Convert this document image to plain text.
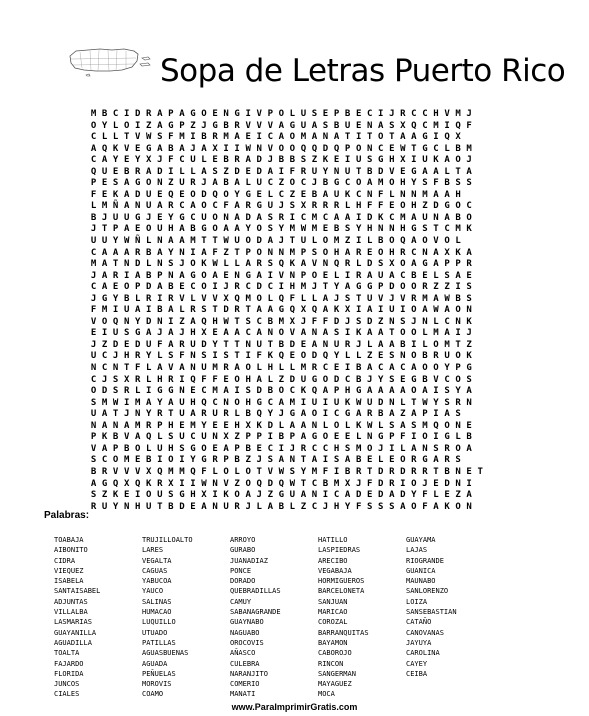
Sopa de Letras Puerto Rico
M B C I D R A P A G O E N G I V P O L U S E P B E C I J R C C H V M J
O Y L O I Z A G P Z J G B R V V V A G U A S B U E N A S X Q C M I Q F
C L L T V W S F M I B R M A E I C A O M A N A T I T O T A A G I Q X
A Q K V E G A B A J A X I I W N V O O Q Q D Q P O N C E W T G C L B M
C A Y E Y X J F C U L E B R A D J B B S Z K E I U S G H X I U K A O J
Q U E B R A D I L L A S Z D E D A I F R U Y N U T B D V E G A A L T A
P E S A G O N Z U R J A B A L U C Z O C J B G C O A M O H Y S F B S S
F E K A D U E Q E O D Q O Y G E L C Z E B A U K C N F L N N M A A H
L M Ñ A N U A R C A O C F A R G U J S X R R R L H F F E O H Z D G O C
B J U U G J E Y G C U O N A D A S R I C M C A A I D K C M A U N A B O
J T P A E O U H A B G O A A Y O S Y M W M E B S Y H N N H G S T C M K
U U Y W Ñ L N A A M T T W U O D A J T U L O M Z I L B O Q A O V O L
C A A A R B A Y N I A F Z T P O N N M P S O H A R E O H R C N A X K A
M A T N D L N S J O K W L L A R S Q K A V N Q R L D S X O A G A P P R
J A R I A B P N A G O A E N G A I V N P O E L I R A U A C B E L S A E
C A E O P D A B E C O I J R C D C I H M J T Y A G G P D O O R Z Z I S
J G Y B L R I R V L V V X Q M O L Q F L L A J S T U V J V R M A W B S
F M I U A I B A L R S T D R T A A G Q X Q A K X I A I U I O A W A O N
V O Q N Y D N I Z A Q H W T S C B M X J F F D J S D Z N S J N L C N K
E I U S G A J A J H X E A A C A N O V A N A S I K A A T O O L M A I J
J Z D E D U F A R U D Y T T N U T B D E A N U R J L A A B I L O M T Z
U C J H R Y L S F N S I S T I F K Q E O D Q Y L L Z E S N O B R U O K
N C N T F L A V A N U M R A O L H L L M R C E I B A C A C A O O Y P G
C J S X R L H R I Q F F E O H A L Z D U G O D C B J Y S E G B V C O S
O D S R L I G G N E C M A I S D B O C K Q A P H G A A A A O A I S Y A
S M W I M A Y A U H Q C N O H G C A M I U I U K W U D N L T W Y S R N
U A T J N Y R T U A R U R L B Q Y J G A O I C G A R B A Z A P I A S
N A N A M R P H E M Y E E H X K D L A A N L O L K W L S A S M Q O N E
P K B V A Q L S U C U N X Z P P I B P A G O E E L N G P F I O I G L B
V A P B O L U H S G O E A P B E C I J R C C H S M O J I L A N S R O A
S C O M E B I O I Y G R P B Z J S A N T A I S A B E L E O R G A R S
B R V V V X Q M M Q F L O L O T V W S Y M F I B R T D R D R R T B N E T
A G Q X Q K R X I I W N V Z O Q D Q W T C B M X J F D R I O J E D N I
S Z K E I O U S G H X I K O A J Z G U A N I C A D E D A D Y F L E Z A
R U Y N H U T B D E A N U R J L A B L Z C J H Y F S S S A O F A K O N
Palabras:
TOABAJA
AIBONITO
CIDRA
VIEQUEZ
ISABELA
SANTAISABEL
ADJUNTAS
VILLALBA
LASMARIAS
GUAYANILLA
AGUADILLA
TOALTA
FAJARDO
FLORIDA
JUNCOS
CIALES
TRUJILLOALTO
LARES
VEGALTA
CAGUAS
YABUCOA
YAUCO
SALINAS
HUMACAO
LUQUILLO
UTUADO
PATILLAS
AGUASBUENAS
AGUADA
PEÑUELAS
MOROVIS
COAMO
ARROYO
GURABO
JUANADIAZ
PONCE
DORADO
QUEBRADILLAS
CAMUY
SABANAGRANDE
GUAYNABO
NAGUABO
OROCOVIS
AÑASCO
CULEBRA
NARANJITO
COMERIO
MANATI
HATILLO
LASPIEDRAS
ARECIBO
VEGABAJA
HORMIGUEROS
BARCELONETA
SANJUAN
MARICAO
COROZAL
BARRANQUITAS
BAYAMON
CABOROJO
RINCON
SANGERMAN
MAYAGUEZ
MOCA
GUAYAMA
LAJAS
RIOGRANDE
GUANICA
MAUNABO
SANLORENZO
LOIZA
SANSEBASTIAN
CATAÑO
CANOVANAS
JAYUYA
CAROLINA
CAYEY
CEIBA
www.ParaImprimirGratis.com
